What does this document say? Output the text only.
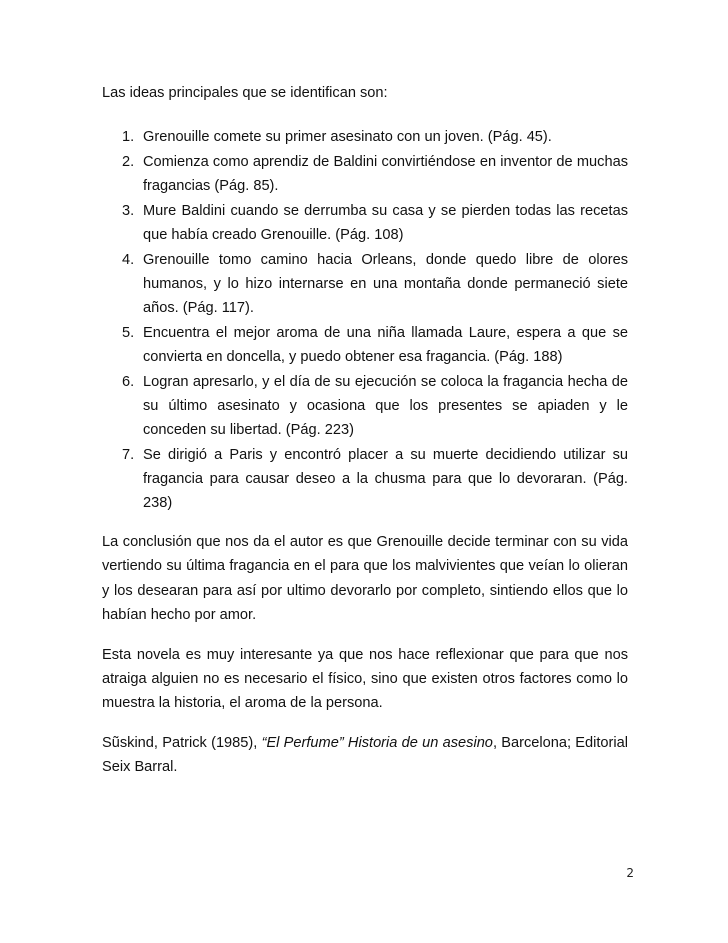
Las ideas principales que se identifican son:

1. Grenouille comete su primer asesinato con un joven. (Pág. 45).
2. Comienza como aprendiz de Baldini convirtiéndose en inventor de muchas fragancias (Pág. 85).
3. Mure Baldini cuando se derrumba su casa y se pierden todas las recetas que había creado Grenouille. (Pág. 108)
4. Grenouille tomo camino hacia Orleans, donde quedo libre de olores humanos, y lo hizo internarse en una montaña donde permaneció siete años. (Pág. 117).
5. Encuentra el mejor aroma de una niña llamada Laure, espera a que se convierta en doncella, y puedo obtener esa fragancia. (Pág. 188)
6. Logran apresarlo, y el día de su ejecución se coloca la fragancia hecha de su último asesinato y ocasiona que los presentes se apiaden y le conceden su libertad. (Pág. 223)
7. Se dirigió a Paris y encontró placer a su muerte decidiendo utilizar su fragancia para causar deseo a la chusma para que lo devoraran. (Pág. 238)

La conclusión que nos da el autor es que Grenouille decide terminar con su vida vertiendo su última fragancia en el para que los malvivientes que veían lo olieran y los desearan para así por ultimo devorarlo por completo, sintiendo ellos que lo habían hecho por amor.

Esta novela es muy interesante ya que nos hace reflexionar que para que nos atraiga alguien no es necesario el físico, sino que existen otros factores como lo muestra la historia, el aroma de la persona.

Sũskind, Patrick (1985), “El Perfume” Historia de un asesino, Barcelona; Editorial Seix Barral.

2
